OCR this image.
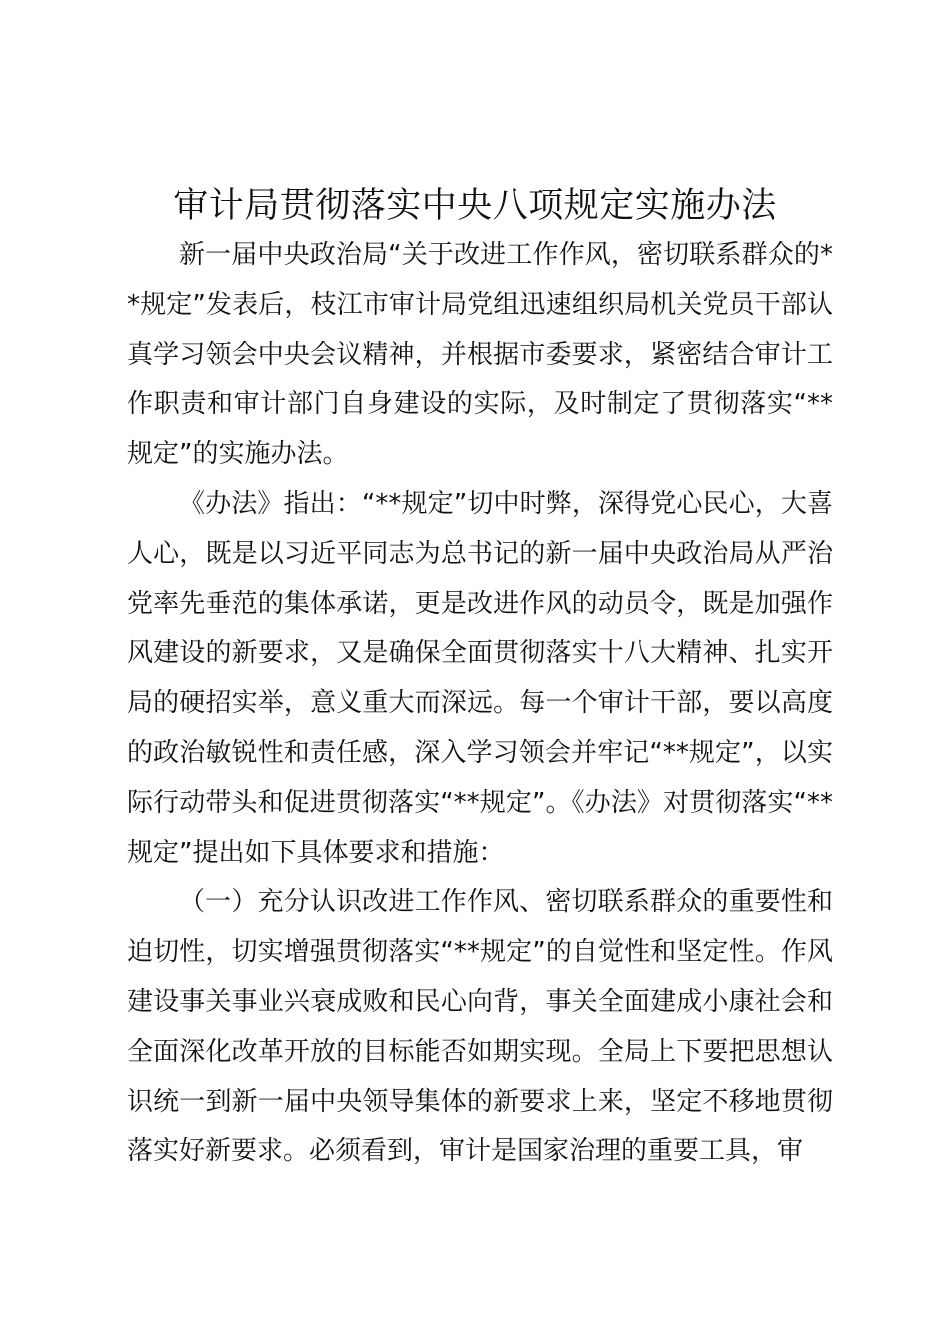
审计局贯彻落实中央八项规定实施办法

新一届中央政治局“关于改进工作作风，密切联系群众的**规定”发表后，枝江市审计局党组迅速组织局机关党员干部认真学习领会中央会议精神，并根据市委要求，紧密结合审计工作职责和审计部门自身建设的实际，及时制定了贯彻落实“**规定”的实施办法。

《办法》指出：“**规定”切中时弊，深得党心民心，大喜人心，既是以习近平同志为总书记的新一届中央政治局从严治党率先垂范的集体承诺，更是改进作风的动员令，既是加强作风建设的新要求，又是确保全面贯彻落实十八大精神、扎实开局的硬招实举，意义重大而深远。每一个审计干部，要以高度的政治敏锐性和责任感，深入学习领会并牢记“**规定”，以实际行动带头和促进贯彻落实“**规定”。《办法》对贯彻落实“**规定”提出如下具体要求和措施：

（一）充分认识改进工作作风、密切联系群众的重要性和迫切性，切实增强贯彻落实“**规定”的自觉性和坚定性。作风建设事关事业兴衰成败和民心向背，事关全面建成小康社会和全面深化改革开放的目标能否如期实现。全局上下要把思想认识统一到新一届中央领导集体的新要求上来，坚定不移地贯彻落实好新要求。必须看到，审计是国家治理的重要工具，审
